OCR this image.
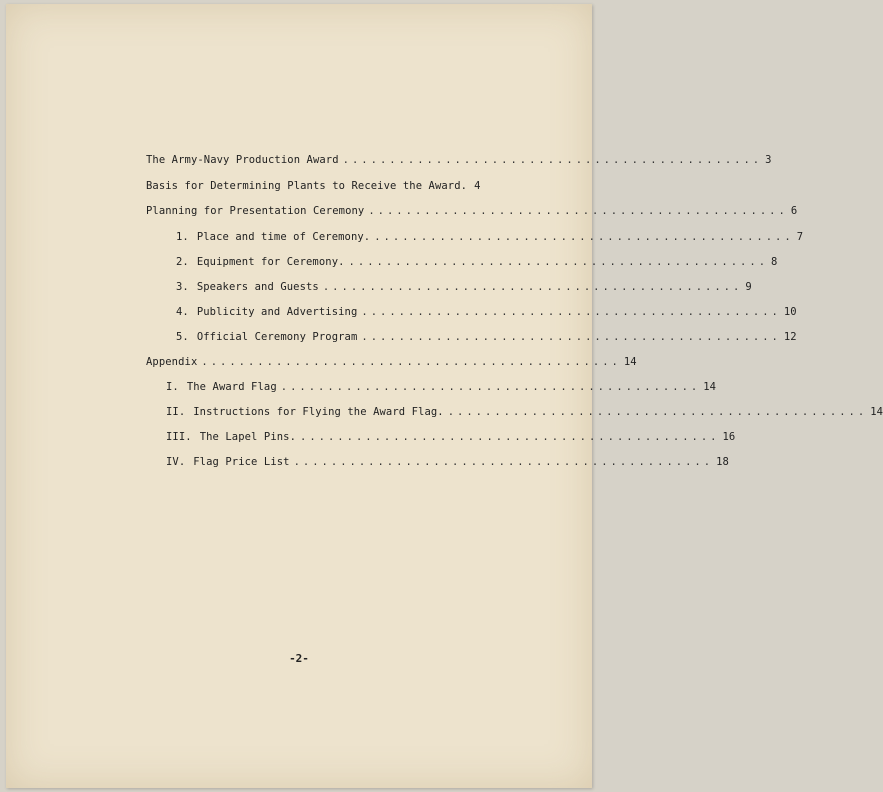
The Army-Navy Production Award ............................................. 3
Basis for Determining Plants to Receive the Award. 4
Planning for Presentation Ceremony ............................................. 6
1. Place and time of Ceremony. ............................................. 7
2. Equipment for Ceremony. ............................................. 8
3. Speakers and Guests ............................................. 9
4. Publicity and Advertising ............................................. 10
5. Official Ceremony Program ............................................. 12
Appendix ............................................. 14
I. The Award Flag ............................................. 14
II. Instructions for Flying the Award Flag. ............................................. 14
III. The Lapel Pins. ............................................. 16
IV. Flag Price List ............................................. 18
-2-
